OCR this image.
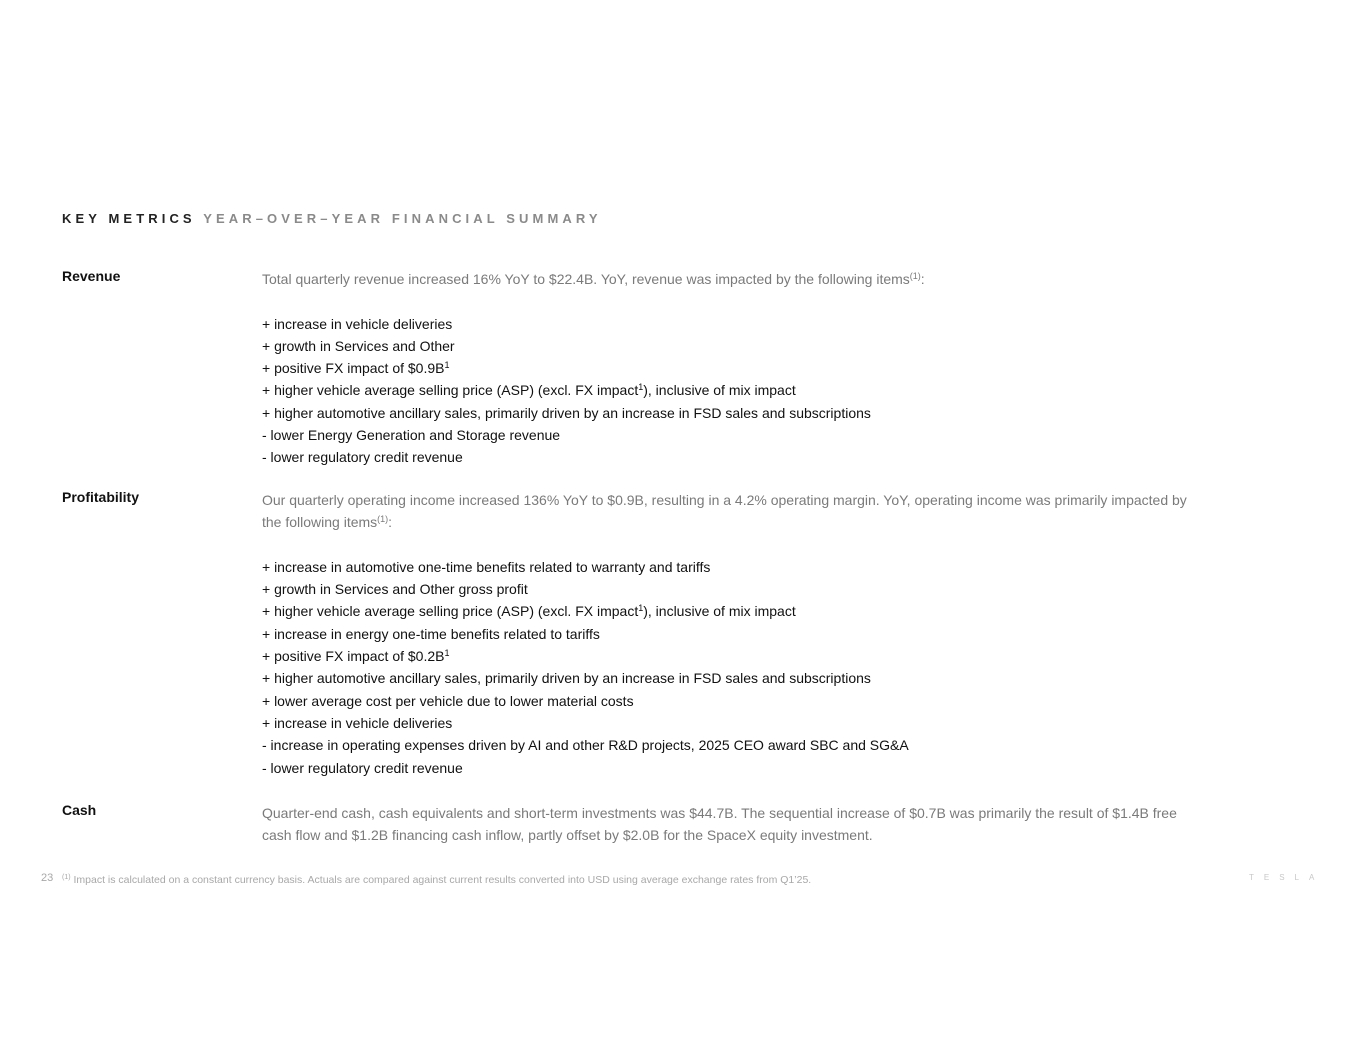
KEY METRICS YEAR–OVER–YEAR FINANCIAL SUMMARY
Revenue	Total quarterly revenue increased 16% YoY to $22.4B. YoY, revenue was impacted by the following items$^{(1)}$:

+ increase in vehicle deliveries
+ growth in Services and Other
+ positive FX impact of $\$0.9B^1$
+ higher vehicle average selling price (ASP) (excl. FX impact$^1$), inclusive of mix impact
+ higher automotive ancillary sales, primarily driven by an increase in FSD sales and subscriptions
- lower Energy Generation and Storage revenue
- lower regulatory credit revenue
Profitability	Our quarterly operating income increased 136% YoY to $0.9B, resulting in a 4.2% operating margin. YoY, operating income was primarily impacted by the following items$^{(1)}$:

+ increase in automotive one-time benefits related to warranty and tariffs
+ growth in Services and Other gross profit
+ higher vehicle average selling price (ASP) (excl. FX impact$^1$), inclusive of mix impact
+ increase in energy one-time benefits related to tariffs
+ positive FX impact of $\$0.2B^1$
+ higher automotive ancillary sales, primarily driven by an increase in FSD sales and subscriptions
+ lower average cost per vehicle due to lower material costs
+ increase in vehicle deliveries
- increase in operating expenses driven by AI and other R&D projects, 2025 CEO award SBC and SG&A
- lower regulatory credit revenue
Cash	Quarter-end cash, cash equivalents and short-term investments was $44.7B. The sequential increase of $0.7B was primarily the result of $1.4B free cash flow and $1.2B financing cash inflow, partly offset by $2.0B for the SpaceX equity investment.

23 $^{(1)}$ Impact is calculated on a constant currency basis. Actuals are compared against current results converted into USD using average exchange rates from Q1’25.	TESLA
